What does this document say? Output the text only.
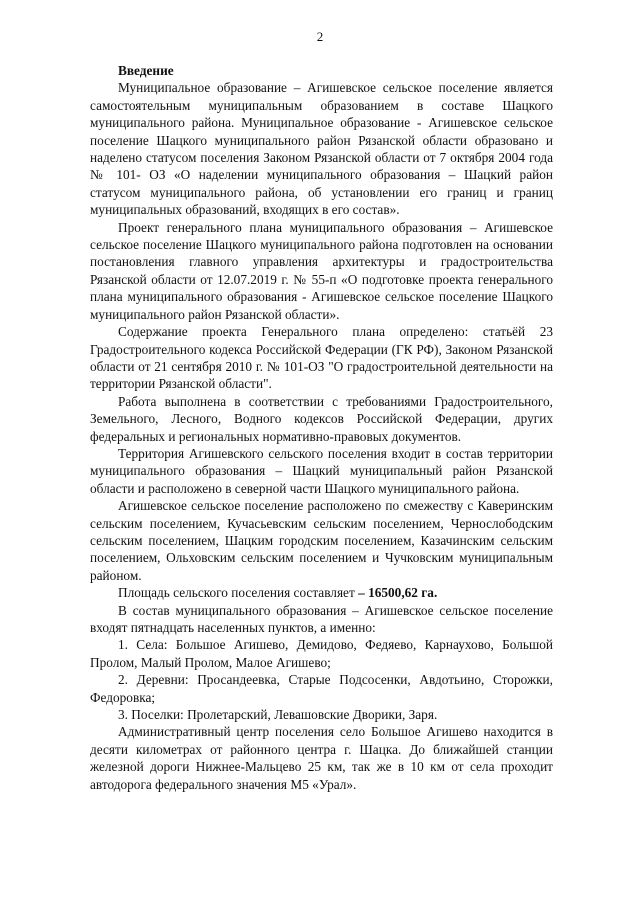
2

Введение

Муниципальное образование – Агишевское сельское поселение является самостоятельным муниципальным образованием в составе Шацкого муниципального района. Муниципальное образование - Агишевское сельское поселение Шацкого муниципального район Рязанской области образовано и наделено статусом поселения Законом Рязанской области от 7 октября 2004 года № 101- ОЗ «О наделении муниципального образования – Шацкий район статусом муниципального района, об установлении его границ и границ муниципальных образований, входящих в его состав».

Проект генерального плана муниципального образования – Агишевское сельское поселение Шацкого муниципального района подготовлен на основании постановления главного управления архитектуры и градостроительства Рязанской области от 12.07.2019 г. № 55-п «О подготовке проекта генерального плана муниципального образования - Агишевское сельское поселение Шацкого муниципального район Рязанской области».

Содержание проекта Генерального плана определено: статьёй 23 Градостроительного кодекса Российской Федерации (ГК РФ), Законом Рязанской области от 21 сентября 2010 г. № 101-ОЗ "О градостроительной деятельности на территории Рязанской области".

Работа выполнена в соответствии с требованиями Градостроительного, Земельного, Лесного, Водного кодексов Российской Федерации, других федеральных и региональных нормативно-правовых документов.

Территория Агишевского сельского поселения входит в состав территории муниципального образования – Шацкий муниципальный район Рязанской области и расположено в северной части Шацкого муниципального района.

Агишевское сельское поселение расположено по смежеству с Каверинским сельским поселением, Кучасьевским сельским поселением, Чернослободским сельским поселением, Шацким городским поселением, Казачинским сельским поселением, Ольховским сельским поселением и Чучковским муниципальным районом.

Площадь сельского поселения составляет – 16500,62 га.

В состав муниципального образования – Агишевское сельское поселение входят пятнадцать населенных пунктов, а именно:

1. Села: Большое Агишево, Демидово, Федяево, Карнаухово, Большой Пролом, Малый Пролом, Малое Агишево;

2. Деревни: Просандеевка, Старые Подсосенки, Авдотьино, Сторожки, Федоровка;

3. Поселки: Пролетарский, Левашовские Дворики, Заря.

Административный центр поселения село Большое Агишево находится в десяти километрах от районного центра г. Шацка. До ближайшей станции железной дороги Нижнее-Мальцево 25 км, так же в 10 км от села проходит автодорога федерального значения М5 «Урал».
